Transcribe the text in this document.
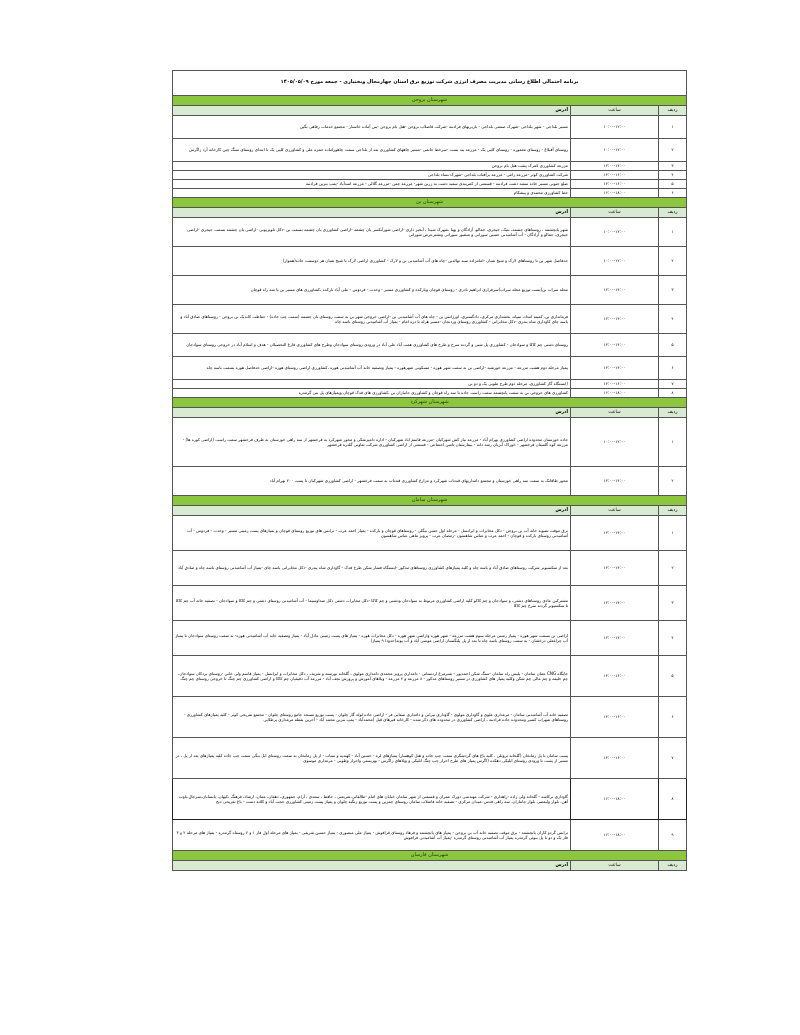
برنامه احتمالی اطلاع رسانی مدیریت مصرف انرژی شرکت توزیع برق استان چهارمحال وبختیاری - جمعه مورخ ۱۴۰۵/۰۵/۰۹		
شهرستان بروجن		
ردیف	ساعت	آدرس
۱	۱۰:۰۰-۱۲:۰۰	مسیر بلداجی - شهر بلداجی -شهرک صنعتی بلداجی - باربریهای فرادنبه -شرکت فاضلاب بروجن -هتل بام بروجن -بنن آماده خاستار - مجتمع خدمات رفاهی نگین
۲	۱۰:۰۰-۱۲:۰۰	روستای آقبلاغ - روستای معموره - روستای کلیی یک - مزرعه بند بست -سرخط جانمی -مسیر چاههای کشاورزی بعد از بلداجی سمت چاهوراماده حمزه علی و کشاورزی کلیی یک تا ابتدای روستای سنگ چین کارخانه آرد زاگرس
۳	۱۲:۰۰-۱۴:۰۰	مزرعه کشاورزی کمرک پشت هتل بام بروجن
۴	۱۴:۰۰-۱۶:۰۰	شرکت کشاورزی کوثر -مزرعه زاغی - مزرعه برآفتاب بلداجی -شهرک نساء بلداجی
۵	۱۴:۰۰-۱۶:۰۰	ضلع جنوبی مسیر جاده سفید دشت فرادنبه - قسمتی از کمربندی سفید دشت به زرین شهر- مزرعه چمن -مزرعه گلالی - مزرعه اسدآباد -پمپ بنزین فرادنبه
۶	۱۶:۰۰-۱۸:۰۰	خط کشاورزی محمدی و پیشکام
شهرستان بن		
ردیف	ساعت	آدرس
۱	۱۰:۰۰-۱۲:۰۰	شهر یانچشمه ، روستاهای چشمه، تنیک، جیجری، جمالو، آزادگان و پهنا ،شهرک شیدا ، آبخیز داری -اراضی شورآبکسر یان چشمه -اراضی کشاورزی یان چشمه بسمت بن -دکل تلویزیونی -اراضی یان چشمه بسمت جیجری -اراضی جیجری، جمالو و آزادگان - آب آشامیدنی حسین سورانی و منصور سورانی ونشترعرض سورانی
۲	۱۰:۰۰-۱۲:۰۰	حدفاصل شهر بن تا روستاهای لارک و شیخ شبان -امامزاده سید نهالدین -چاه های آب آشامیدنی بن و لارک - کشاورزی اراضی لارک تا شیخ شبان هر دوسمت جاده(هموار)
۳	۱۲:۰۰-۱۴:۰۰	محله سراب بن(پست توزیع محله سراب)سرفرازی ابراهیم نادری - روستای قوچان وبارکده و کشاورزی مسیر - وحدت - فردوس - علی آباد بارکده ،کشاورزی های مسیر بن تا سه راه قوچان
۴	۱۲:۰۰-۱۴:۰۰	فرمانداری بن، کمیته امداد، سپاه، بخشداری مرکزی، دادگستری، اورژانس بن - چاه های آب آشامیدنی بن -اراضی خروجی شهر بن به سمت روستای یان چشمه (سمت چپ جاده) - حفاظت کاندیک بن بروجن - روستاهای صادق آباد و باسه چای کاوداری شاه بندری -دکل مخابراتی - کشاورزی روستای وردنجان -مسیر هرله تا دره امام - پمپاژ آب آشامیدنی روستای باسه چاه
۵	۱۲:۰۰-۱۴:۰۰	روستای دشتی چم کاکا و سوادجان - کشاورزی پل شنی و گردنه سرخ و طرح های کشاورزی همت آباد علی آباد در ورودی روستای سوادجان وطرح های کشاورزی فارغ التحصیلان - هدف و اسلام آباد در خروجی روستای سوادجان
۶	۱۲:۰۰-۱۴:۰۰	پمپاژ مرحله دوم هشت مزرعه - مزرعه خورشید -اراضی بن به سمت شهر هوره - مسکونی شهرهوره - پمپاژ وتصفیه خانه آب آشامیدنی هوره ،کشاورزی اراضی روستای هوره -اراضی حدفاصل هوره بسمت باسه چاه
۷	۱۴:۰۰-۱۶:۰۰	(ایستگاه گاز کشاورزی، مرحله دوم طرح طوبی یک و دو بن
۸	۱۶:۰۰-۱۸:۰۰	کشاورزی های خروجی بن به سمت یانچشمه سمت راست جاده تا سه راه قوچان و کشاورزی جانبازان بن ،کشاورزی های قدک قوچان وپمپاژهای پل بنی گرمدره
شهرستان شهرکرد		
ردیف	ساعت	آدرس
۱	۱۰:۰۰-۱۲:۰۰	جاده خوزستان محدوده اراضی کشاورزی بهرام آباد - مزرعه نیاز کش شهرکیان -مزرعه قاسم اباد شهرکیان - اداره دامپزشکی و محور شهرکرد به فرخشهر از سه راهی خوزستان به طرف فرخشهر سمت راست (اراضی کوره ها) - مزرعه کوه گلستان فرخشهر - خوراک آبزیان رشد دانه - بیمارستان تامین اجتماعی - قسمتی از اراضی کشاورزی شرکت تعاونی گلدره فرخشهر
۲	۱۲:۰۰-۱۴:۰۰	محور طاقانک به سمت سه راهی خوزستان و مجتمع دامداریهای قندتاب شهرکرد و مزارع کشاورزی قندتاب به سمت فرخشهر - اراضی کشاورزی شهرکیان تا پست ۲۰۰ بهرام آباد
شهرستان سامان		
ردیف	ساعت	آدرس
۱	۱۲:۰۰-۱۴:۰۰	برق موقت تصویه خانه آب بن بروجن - دکل مخابرات و ایرانسل - مرحله اول حسن بیگلی - روستاهای قوچان و بارکده - پمپاژ احمد عرب - ترانس های توزیع روستای قوچان و پمپاژهای پست زمینی مسیر - وحدت - فردوس - آب آشامیدنی روستای بارکده و قوچان - احمد عرب و عباس شاهسون -رمضان عرب - پرویز ماهی عباس شاهسون
۲	۱۲:۰۰-۱۴:۰۰	بعد از سکسیونر شرکت روستاهای صادق آباد و باسه چاه و کلیه پمپاژهای کشاورزی روستاهای مذکور -ایستگاه فشار شکن طرح فدک - گاوداری شاه بندری -دکل مخابراتی باسه چای -پمپاژ آب آشامیدنی روستای باسه چاه و صادق آباد
۳	۱۲:۰۰-۱۴:۰۰	مشترکین عادی روستاهای دشتی، و سوادجان و چم کاکو کلیه اراضی کشاورزی مربوط به سوادجان ودشتی و چم کاکا -دکل مخابرات دشتی دکل صداوسیما - آب آشامیدنی روستای دشتی و چم کاکا و سوادجان - تصفیه خانه آب چم کاکا تا سکسیونر گردنه سرخ چم کاکا
۴	۱۲:۰۰-۱۴:۰۰	اراضی بن بسمت شهر هوره - پمپاژ زمینی مرحله سوم هشت مزرعه - شهر هوره واراضی شهر هوره - دکل مخابرات هوره - پمپاژ های پست زمینی عادل آباد - پمپاژ وتصفیه خانه آب آشامیدنی هوره- به سمت روستای سوادجان تا پمپاژ آب چراغعلی درخشان - به سمت روستای باسه چاه تا بعد از پل پلنگستان اراضی موسی آباد و آب پونه(حدودا ۹ پمپاژ)
۵	۱۴:۰۰-۱۶:۰۰	جایگاه CNG عمان سامان - پلیس راه سامان -سنگ شکن احمدپور - شترمرغ اردستانی - دامداری پرویز محمدی دامداری مولوی ، گلخانه نورسته و شریف ، دکل مخابرات و ایرانسل - پمپاژ قاسم ولی خانی -روستای بردکان سوادجان، چم خلیفه و چم عالی چم شکن وکلیه پمپاژ های کشاورزی در مسیر روستاهای مذکور - ۸ مزرعه و ۴ مزرعه - ویلاهای آموزش و پرورش نجف آباد - مزرعه آب دقیقیان چم کاکا و اراضی کشاورزی چم چنگ تا خروجی روستای چم چنگ
۶	۱۴:۰۰-۱۶:۰۰	تصفیه خانه آب آشامیدنی سامان - مرغداری علوی و گاوداری مولوی - گاوداری تیرانی و دامداری صفایی فر - اراضی جاده لوله گاز چلوان - پست توزیع مسجد جامع روستای چلوان - مجتمع تفریحی کوثر - کلیه پمپاژهای کشاورزی - روستاهای شهراب کسیر ومحدوده جاده فرادنبه ، اراضی کشاورزی در محدوده های ذکر شده - کارخانه قیرهای قیل (محمدآباد - پمپ بنزین محمد آباد - آخرین نقطه مرغداری پرطلایی
۷	۱۴:۰۰-۱۶:۰۰	پست سامان تا پل زمانخان (گلخانه تروئلی ، کلیه باغ های گردشگری سمت چپ جاده و هتل کوهسار) پمپاژهای لره - حسین آباد - کهندیه و ستاب - از پل زمانخان به سمت روستای ابل بیگی سمت چپ جاده کلیه پمپاژهای بعد از پل ، در مسیر از پست تا ورودی روستای ابلیکی دهکده (اگرس پمپاژ های طرح احراز چپ چنگ ابلیکی و ویلاهای زاگرس - بهزیستی واحراز وطوبی - مرغداری موسوی
۸	۱۶:۰۰-۱۸:۰۰	گاوداری ترکاشه - گلخانه ولی زاده -راهداری - شرکت مهندسی دورک عمران و قسمتی از شهر سامان خیابان های امام -طالقانی،شریعتی ، حافظ ، سعدی ، آرام، جمهوری، دهقان، عمان، ارشاد، فرهنگ ،کیهان، بابسانان،سرچال،باوب آهن، بلوار ولیعصر، بلوار جانبازان، سه راهی قدس ،میدان مرکزی - تصفیه خانه فاضلاب سامان روستای چمزین و پست توزیع زنگنه چلوان و پمپاژ پست زمینی کشاورزی حجت آباد و کلاته دست - باغ تفریحی دنج
۹	۱۶:۰۰-۱۸:۰۰	ترانس گردو کاران یانچشمه - برق موقت تصفیه خانه آب بن بروجن - پمپاژ های پانچشمه و فرهاد روستای قرافوش - پمپاژ علی منصوری - پمپاژ حسین شریفی - پمپاژ های مرحله اول فاز ۱ و ۲ روستاه گرمدره - پمپاژ های مرحله ۲ و ۳ فاز یک و دو تا پل بنوئی گرمدره پمپاژ آب آشامیدنی روستای گرمدره -پمپاژ آب آشامیدنی قرافوش
شهرستان فارسان		
ردیف	ساعت	آدرس
